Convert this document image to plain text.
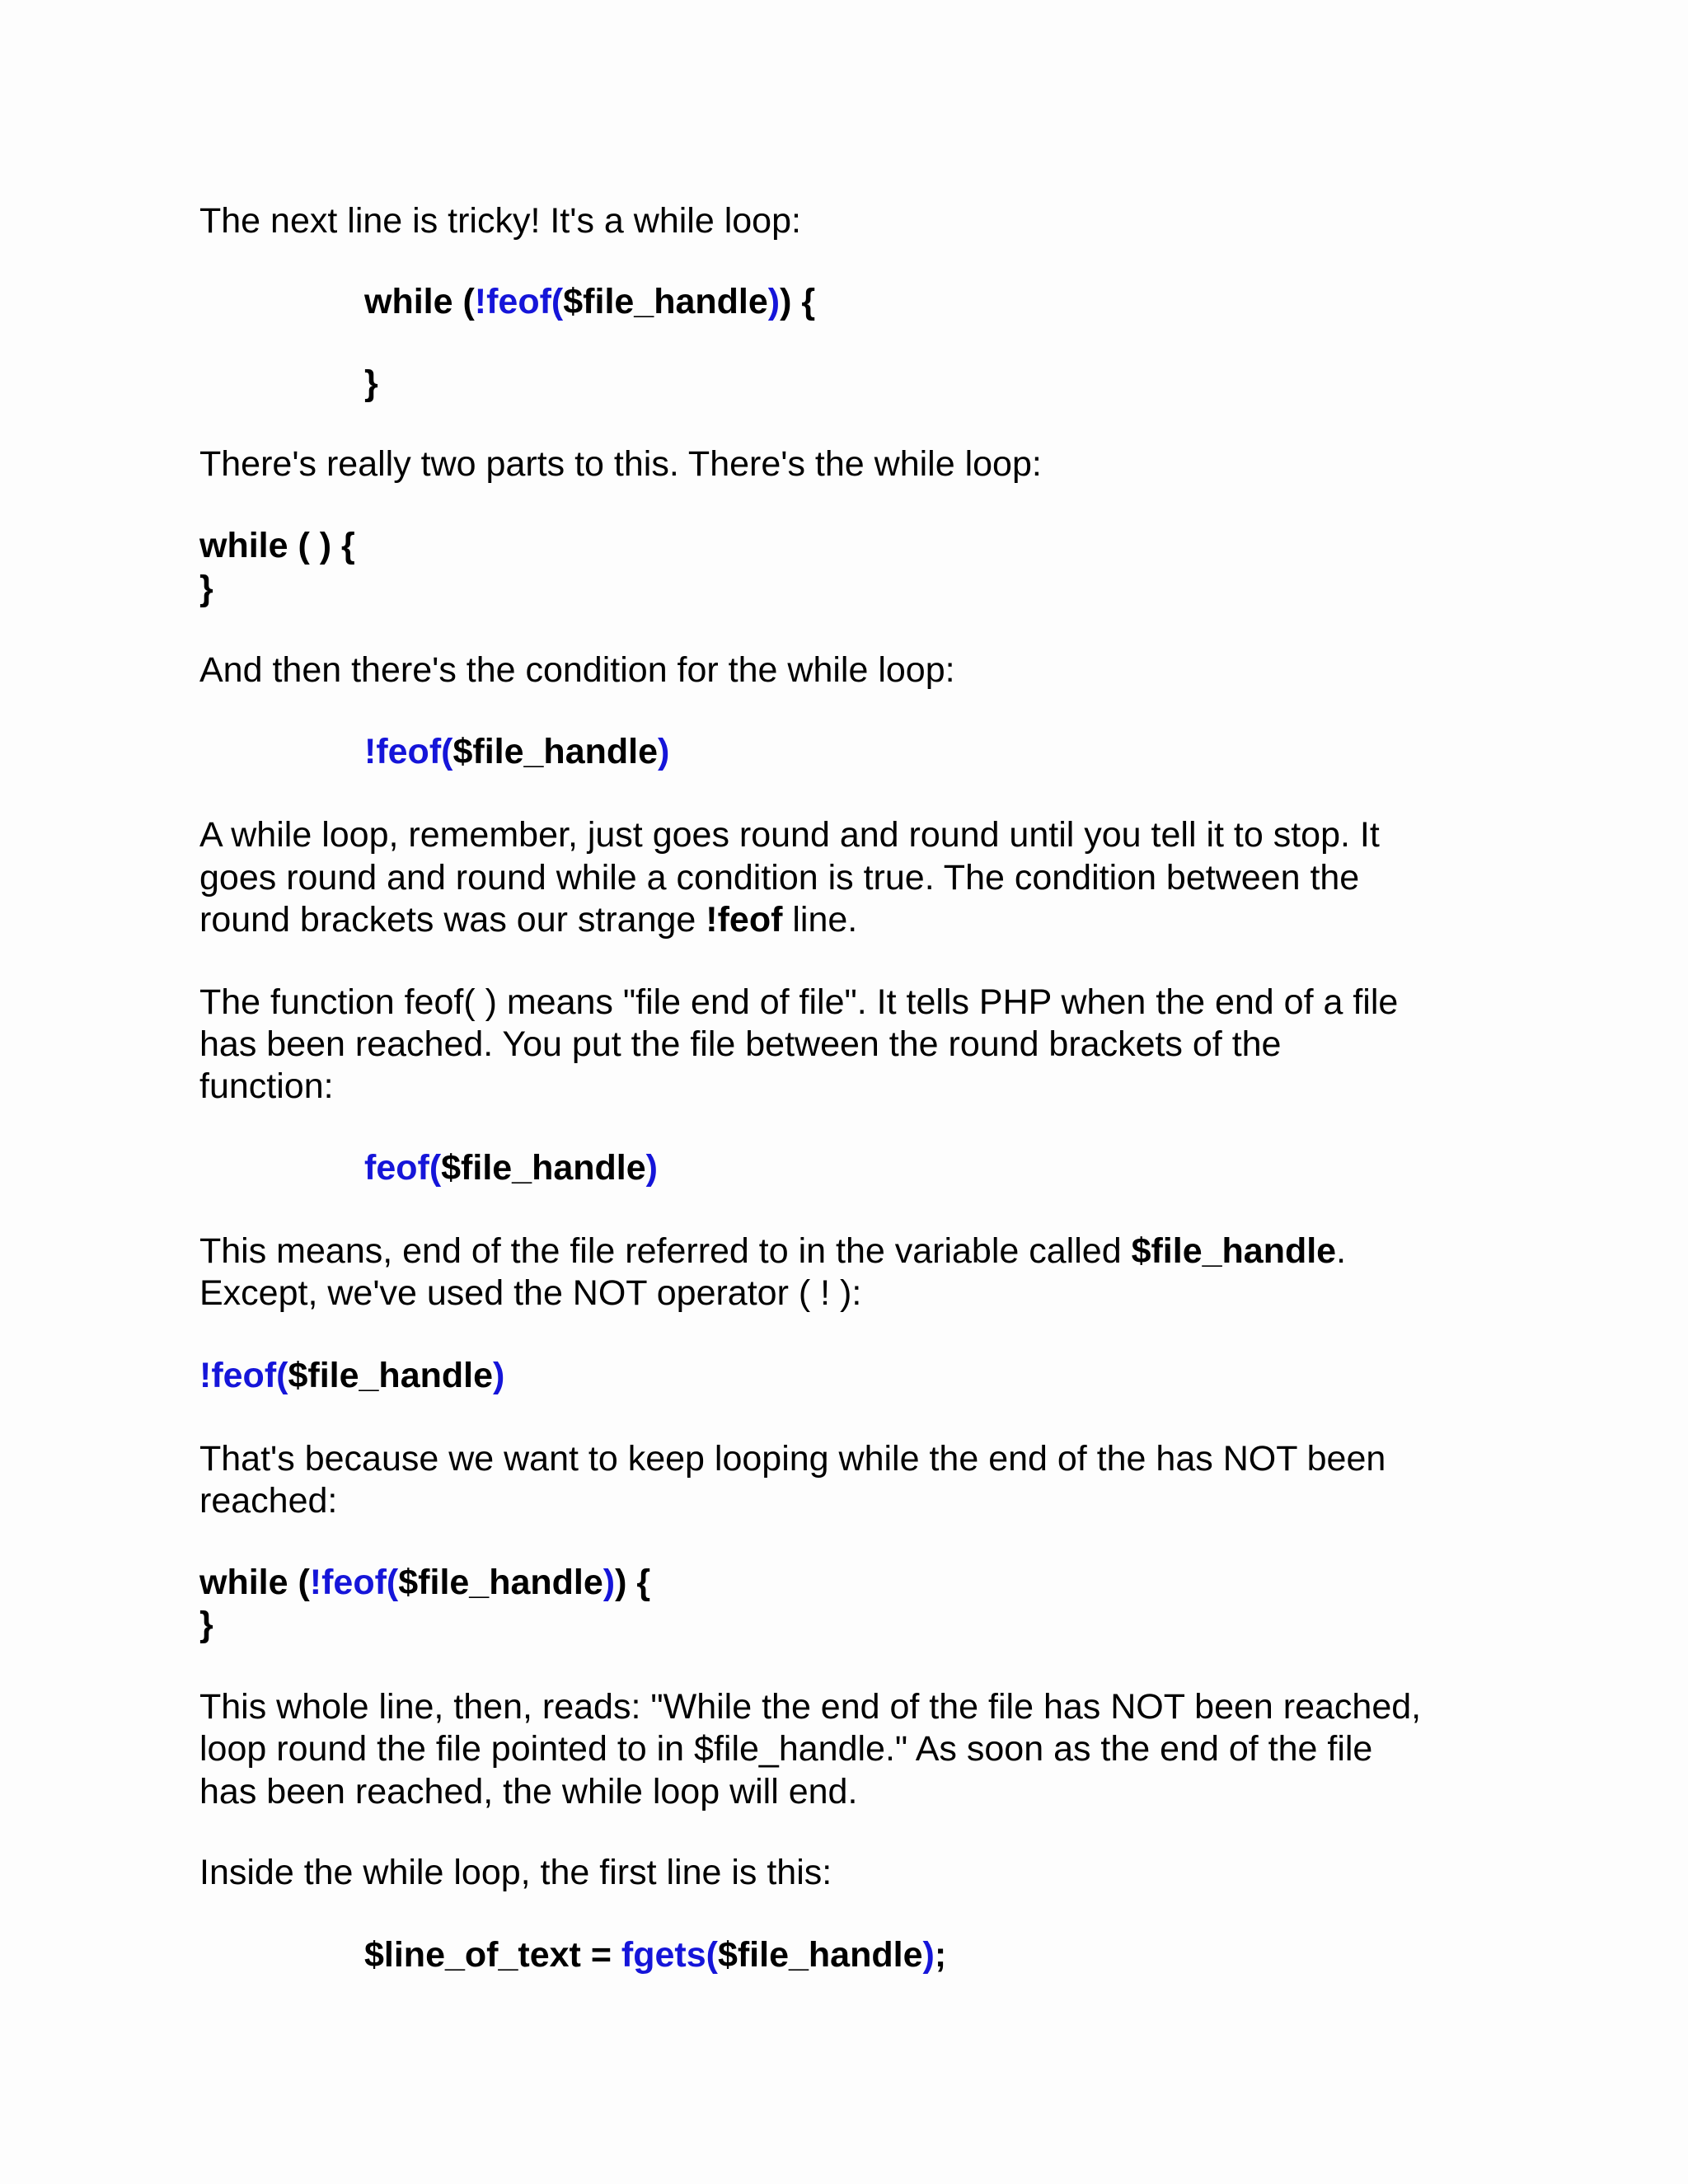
The next line is tricky! It's a while loop:

while (!feof($file_handle)) {
}

There's really two parts to this. There's the while loop:

while ( ) {
}

And then there's the condition for the while loop:

!feof($file_handle)

A while loop, remember, just goes round and round until you tell it to stop. It

goes round and round while a condition is true. The condition between the

round brackets was our strange !feof line.

The function feof( ) means "file end of file". It tells PHP when the end of a file

has been reached. You put the file between the round brackets of the

function:

feof($file_handle)

This means, end of the file referred to in the variable called $file_handle.

Except, we've used the NOT operator ( ! ):

!feof($file_handle)

That's because we want to keep looping while the end of the has NOT been

reached:

while (!feof($file_handle)) {
}

This whole line, then, reads: "While the end of the file has NOT been reached,

loop round the file pointed to in $file_handle." As soon as the end of the file

has been reached, the while loop will end.

Inside the while loop, the first line is this:

$line_of_text = fgets($file_handle);
